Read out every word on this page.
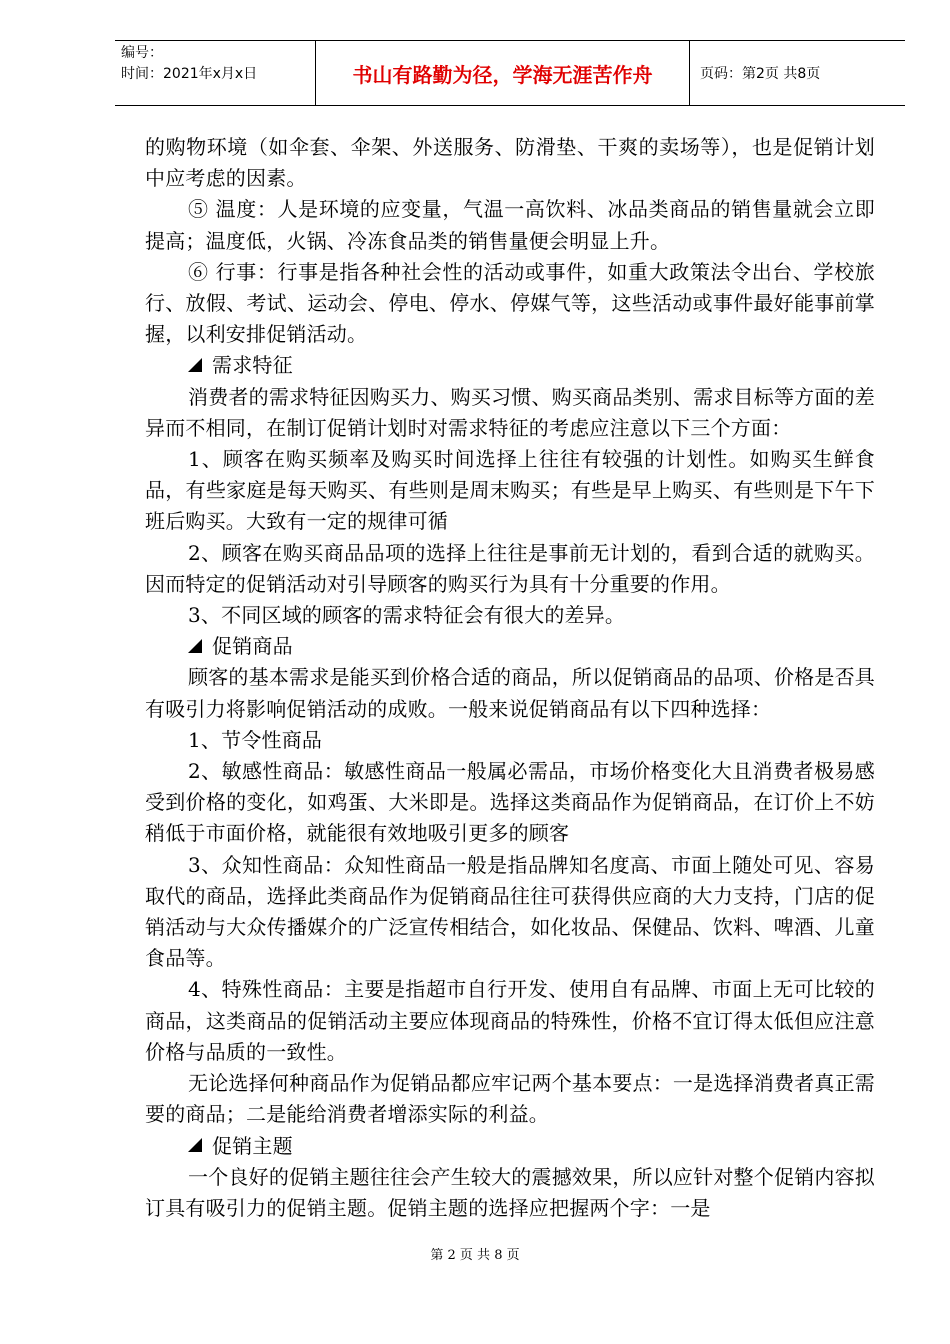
编号：
时间：2021年x月x日	书山有路勤为径，学海无涯苦作舟	页码：第2页 共8页

的购物环境（如伞套、伞架、外送服务、防滑垫、干爽的卖场等），也是促销计划中应考虑的因素。

⑤ 温度：人是环境的应变量，气温一高饮料、冰品类商品的销售量就会立即提高；温度低，火锅、冷冻食品类的销售量便会明显上升。

⑥ 行事：行事是指各种社会性的活动或事件，如重大政策法令出台、学校旅行、放假、考试、运动会、停电、停水、停媒气等，这些活动或事件最好能事前掌握，以利安排促销活动。

需求特征

消费者的需求特征因购买力、购买习惯、购买商品类别、需求目标等方面的差异而不相同，在制订促销计划时对需求特征的考虑应注意以下三个方面：

1、顾客在购买频率及购买时间选择上往往有较强的计划性。如购买生鲜食品，有些家庭是每天购买、有些则是周末购买；有些是早上购买、有些则是下午下班后购买。大致有一定的规律可循

2、顾客在购买商品品项的选择上往往是事前无计划的，看到合适的就购买。因而特定的促销活动对引导顾客的购买行为具有十分重要的作用。

3、不同区域的顾客的需求特征会有很大的差异。

促销商品

顾客的基本需求是能买到价格合适的商品，所以促销商品的品项、价格是否具有吸引力将影响促销活动的成败。一般来说促销商品有以下四种选择：

1、节令性商品

2、敏感性商品：敏感性商品一般属必需品，市场价格变化大且消费者极易感受到价格的变化，如鸡蛋、大米即是。选择这类商品作为促销商品，在订价上不妨稍低于市面价格，就能很有效地吸引更多的顾客

3、众知性商品：众知性商品一般是指品牌知名度高、市面上随处可见、容易取代的商品，选择此类商品作为促销商品往往可获得供应商的大力支持，门店的促销活动与大众传播媒介的广泛宣传相结合，如化妆品、保健品、饮料、啤酒、儿童食品等。

4、特殊性商品：主要是指超市自行开发、使用自有品牌、市面上无可比较的商品，这类商品的促销活动主要应体现商品的特殊性，价格不宜订得太低但应注意价格与品质的一致性。

无论选择何种商品作为促销品都应牢记两个基本要点：一是选择消费者真正需要的商品；二是能给消费者增添实际的利益。

促销主题

一个良好的促销主题往往会产生较大的震撼效果，所以应针对整个促销内容拟订具有吸引力的促销主题。促销主题的选择应把握两个字：一是

第 2 页 共 8 页
